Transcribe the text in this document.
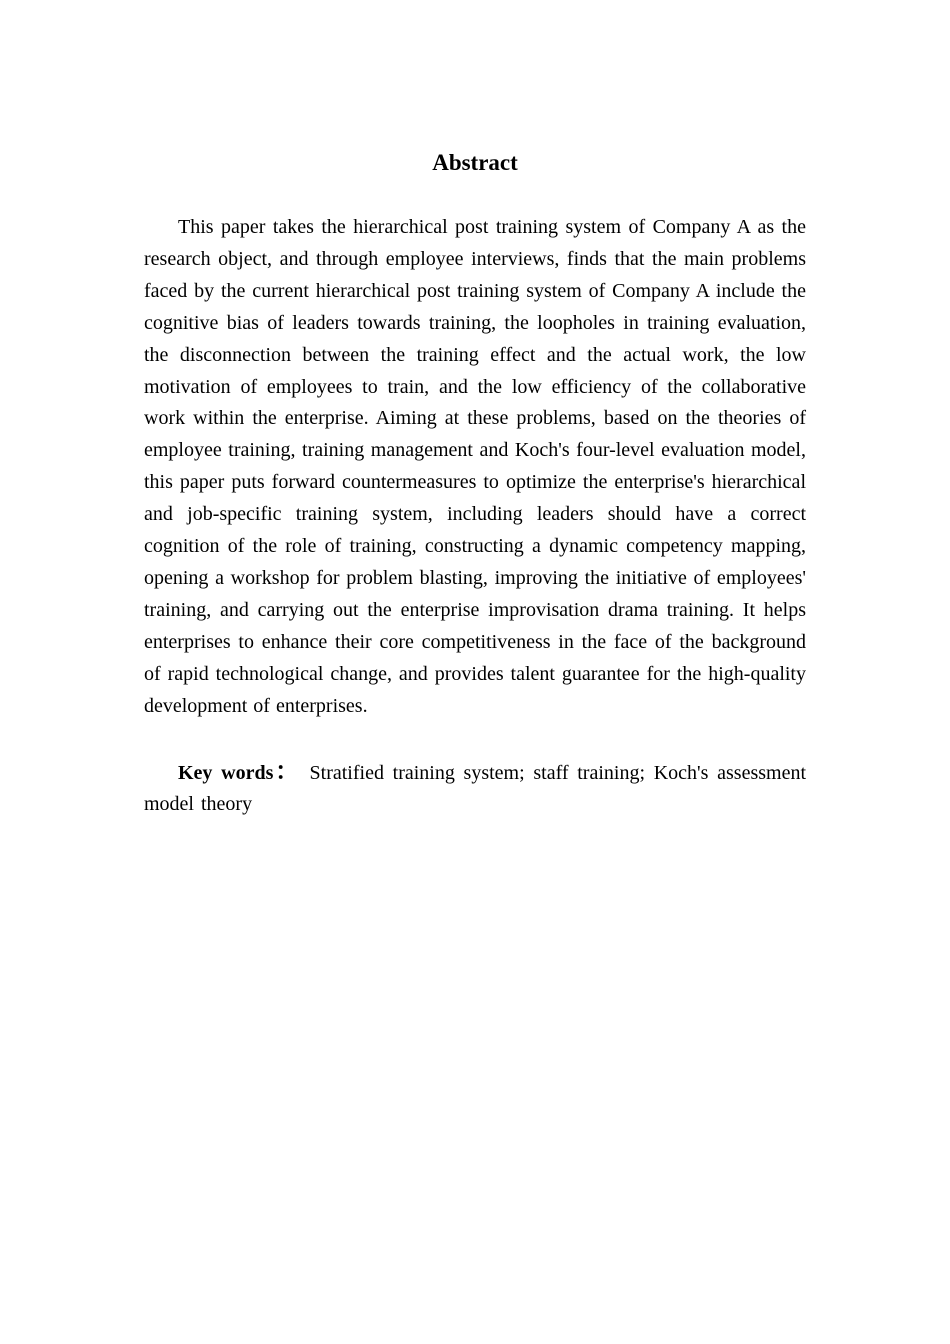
Abstract

This paper takes the hierarchical post training system of Company A as the research object, and through employee interviews, finds that the main problems faced by the current hierarchical post training system of Company A include the cognitive bias of leaders towards training, the loopholes in training evaluation, the disconnection between the training effect and the actual work, the low motivation of employees to train, and the low efficiency of the collaborative work within the enterprise. Aiming at these problems, based on the theories of employee training, training management and Koch's four-level evaluation model, this paper puts forward countermeasures to optimize the enterprise's hierarchical and job-specific training system, including leaders should have a correct cognition of the role of training, constructing a dynamic competency mapping, opening a workshop for problem blasting, improving the initiative of employees' training, and carrying out the enterprise improvisation drama training. It helps enterprises to enhance their core competitiveness in the face of the background of rapid technological change, and provides talent guarantee for the high-quality development of enterprises.

Key words： Stratified training system; staff training; Koch's assessment model theory
